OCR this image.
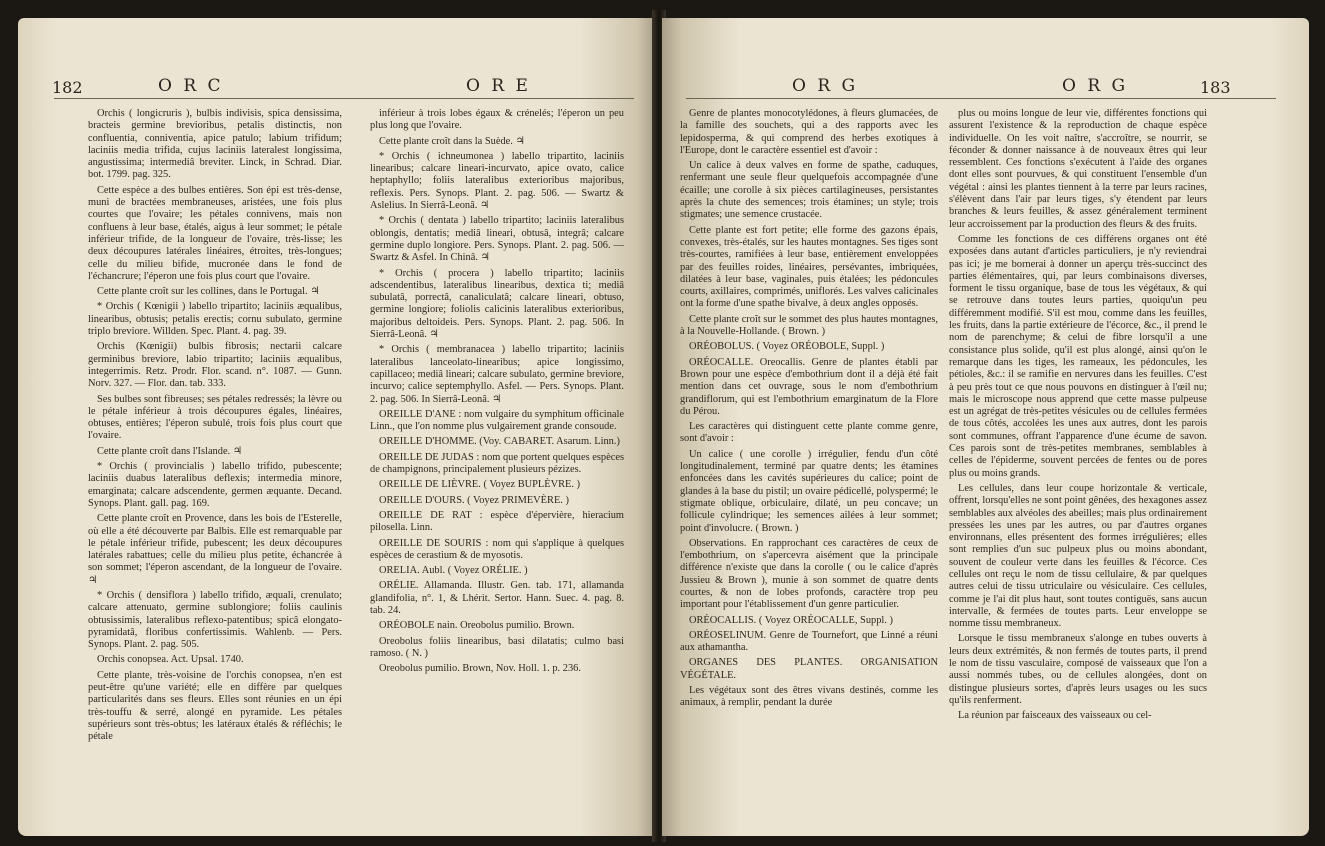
182	O R C	O R E

Orchis ( longicruris ), bulbis indivisis, spica densissima, bracteis germine brevioribus, petalis distinctis, non confluentia, conniventia, apice patulo; labium trifidum; laciniis media trifida, cujus laciniis lateralest longissima, angustissima; intermediâ breviter. Linck, in Schrad. Diar. bot. 1799. pag. 325.

Cette espèce a des bulbes entières. Son épi est très-dense, muni de bractées membraneuses, aristées, une fois plus courtes que l'ovaire; les pétales connivens, mais non confluens à leur base, étalés, aigus à leur sommet; le pétale inférieur trifide, de la longueur de l'ovaire, très-lisse; les deux découpures latérales linéaires, étroites, très-longues; celle du milieu bifide, mucronée dans le fond de l'échancrure; l'éperon une fois plus court que l'ovaire.

Cette plante croît sur les collines, dans le Portugal. ♃

* Orchis ( Kœnigii ) labello tripartito; laciniis æqualibus, linearibus, obtusis; petalis erectis; cornu subulato, germine triplo breviore. Willden. Spec. Plant. 4. pag. 39.

Orchis (Kœnigii) bulbis fibrosis; nectarii calcare germinibus breviore, labio tripartito; laciniis æqualibus, integerrimis. Retz. Prodr. Flor. scand. n°. 1087. — Gunn. Norv. 327. — Flor. dan. tab. 333.

Ses bulbes sont fibreuses; ses pétales redressés; la lèvre ou le pétale inférieur à trois découpures égales, linéaires, obtuses, entières; l'éperon subulé, trois fois plus court que l'ovaire.

Cette plante croît dans l'Islande. ♃

* Orchis ( provincialis ) labello trifido, pubescente; laciniis duabus lateralibus deflexis; intermedia minore, emarginata; calcare adscendente, germen æquante. Decand. Synops. Plant. gall. pag. 169.

Cette plante croît en Provence, dans les bois de l'Esterelle, où elle a été découverte par Balbis. Elle est remarquable par le pétale inférieur trifide, pubescent; les deux découpures latérales rabattues; celle du milieu plus petite, échancrée à son sommet; l'éperon ascendant, de la longueur de l'ovaire. ♃

* Orchis ( densiflora ) labello trifido, æquali, crenulato; calcare attenuato, germine sublongiore; foliis caulinis obtusissimis, lateralibus reflexo-patentibus; spicâ elongato-pyramidatâ, floribus confertissimis. Wahlenb. — Pers. Synops. Plant. 2. pag. 505.

Orchis conopsea. Act. Upsal. 1740.

Cette plante, très-voisine de l'orchis conopsea, n'en est peut-être qu'une variété; elle en diffère par quelques particularités dans ses fleurs. Elles sont réunies en un épi très-touffu & serré, alongé en pyramide. Les pétales supérieurs sont très-obtus; les latéraux étalés & réfléchis; le pétale

inférieur à trois lobes égaux & crénelés; l'éperon un peu plus long que l'ovaire.

Cette plante croît dans la Suède. ♃

* Orchis ( ichneumonea ) labello tripartito, laciniis linearibus; calcare lineari-incurvato, apice ovato, calice heptaphyllo; foliis lateralibus exterioribus majoribus, reflexis. Pers. Synops. Plant. 2. pag. 506. — Swartz & Aslelius. In Sierrâ-Leonâ. ♃

* Orchis ( dentata ) labello tripartito; laciniis lateralibus oblongis, dentatis; mediâ lineari, obtusâ, integrâ; calcare germine duplo longiore. Pers. Synops. Plant. 2. pag. 506. — Swartz & Asfel. In Chinâ. ♃

* Orchis ( procera ) labello tripartito; laciniis adscendentibus, lateralibus linearibus, dextica ti; mediâ subulatâ, porrectâ, canaliculatâ; calcare lineari, obtuso, germine longiore; foliolis calicinis lateralibus exterioribus, majoribus deltoideis. Pers. Synops. Plant. 2. pag. 506. In Sierrâ-Leonâ. ♃

* Orchis ( membranacea ) labello tripartito; laciniis lateralibus lanceolato-linearibus; apice longissimo, capillaceo; mediâ lineari; calcare subulato, germine breviore, incurvo; calice septemphyllo. Asfel. — Pers. Synops. Plant. 2. pag. 506. In Sierrâ-Leonâ. ♃

OREILLE D'ANE : nom vulgaire du symphitum officinale Linn., que l'on nomme plus vulgairement grande consoude.

OREILLE D'HOMME. (Voy. CABARET. Asarum. Linn.)

OREILLE DE JUDAS : nom que portent quelques espèces de champignons, principalement plusieurs pézizes.

OREILLE DE LIÈVRE. ( Voyez BUPLÈVRE. )

OREILLE D'OURS. ( Voyez PRIMEVÈRE. )

OREILLE DE RAT : espèce d'épervière, hieracium pilosella. Linn.

OREILLE DE SOURIS : nom qui s'applique à quelques espèces de cerastium & de myosotis.

ORELIA. Aubl. ( Voyez ORÉLIE. )

ORÉLIE. Allamanda. Illustr. Gen. tab. 171, allamanda glandifolia, n°. 1, & Lhérit. Sertor. Hann. Suec. 4. pag. 8. tab. 24.

ORÉOBOLE nain. Oreobolus pumilio. Brown.

Oreobolus foliis linearibus, basi dilatatis; culmo basi ramoso. ( N. )

Oreobolus pumilio. Brown, Nov. Holl. 1. p. 236.

O R G	O R G	183

Genre de plantes monocotylédones, à fleurs glumacées, de la famille des souchets, qui a des rapports avec les lepidosperma, & qui comprend des herbes exotiques à l'Europe, dont le caractère essentiel est d'avoir :

Un calice à deux valves en forme de spathe, caduques, renfermant une seule fleur quelquefois accompagnée d'une écaille; une corolle à six pièces cartilagineuses, persistantes après la chute des semences; trois étamines; un style; trois stigmates; une semence crustacée.

Cette plante est fort petite; elle forme des gazons épais, convexes, très-étalés, sur les hautes montagnes. Ses tiges sont très-courtes, ramifiées à leur base, entièrement enveloppées par des feuilles roides, linéaires, persévantes, imbriquées, dilatées à leur base, vaginales, puis étalées; les pédoncules courts, axillaires, comprimés, uniflorés. Les valves calicinales ont la forme d'une spathe bivalve, à deux angles opposés.

Cette plante croît sur le sommet des plus hautes montagnes, à la Nouvelle-Hollande. ( Brown. )

ORÉOBOLUS. ( Voyez ORÉOBOLE, Suppl. )

ORÉOCALLE. Oreocallis. Genre de plantes établi par Brown pour une espèce d'embothrium dont il a déjà été fait mention dans cet ouvrage, sous le nom d'embothrium grandiflorum, qui est l'embothrium emarginatum de la Flore du Pérou.

Les caractères qui distinguent cette plante comme genre, sont d'avoir :

Un calice ( une corolle ) irrégulier, fendu d'un côté longitudinalement, terminé par quatre dents; les étamines enfoncées dans les cavités supérieures du calice; point de glandes à la base du pistil; un ovaire pédicellé, polyspermé; le stigmate oblique, orbiculaire, dilaté, un peu concave; un follicule cylindrique; les semences ailées à leur sommet; point d'involucre. ( Brown. )

Observations. En rapprochant ces caractères de ceux de l'embothrium, on s'apercevra aisément que la principale différence n'existe que dans la corolle ( ou le calice d'après Jussieu & Brown ), munie à son sommet de quatre dents courtes, & non de lobes profonds, caractère trop peu important pour l'établissement d'un genre particulier.

ORÉOCALLIS. ( Voyez ORÉOCALLE, Suppl. )

ORÉOSELINUM. Genre de Tournefort, que Linné a réuni aux athamantha.

ORGANES DES PLANTES. ORGANISATION VÉGÉTALE.

Les végétaux sont des êtres vivans destinés, comme les animaux, à remplir, pendant la durée

plus ou moins longue de leur vie, différentes fonctions qui assurent l'existence & la reproduction de chaque espèce individuelle. On les voit naître, s'accroître, se nourrir, se féconder & donner naissance à de nouveaux êtres qui leur ressemblent. Ces fonctions s'exécutent à l'aide des organes dont elles sont pourvues, & qui constituent l'ensemble d'un végétal : ainsi les plantes tiennent à la terre par leurs racines, s'élèvent dans l'air par leurs tiges, s'y étendent par leurs branches & leurs feuilles, & assez généralement terminent leur accroissement par la production des fleurs & des fruits.

Comme les fonctions de ces différens organes ont été exposées dans autant d'articles particuliers, je n'y reviendrai pas ici; je me bornerai à donner un aperçu très-succinct des parties élémentaires, qui, par leurs combinaisons diverses, forment le tissu organique, base de tous les végétaux, & qui se retrouve dans toutes leurs parties, quoiqu'un peu différemment modifié. S'il est mou, comme dans les feuilles, les fruits, dans la partie extérieure de l'écorce, &c., il prend le nom de parenchyme; & celui de fibre lorsqu'il a une consistance plus solide, qu'il est plus alongé, ainsi qu'on le remarque dans les tiges, les rameaux, les pédoncules, les pétioles, &c.: il se ramifie en nervures dans les feuilles. C'est à peu près tout ce que nous pouvons en distinguer à l'œil nu; mais le microscope nous apprend que cette masse pulpeuse est un agrégat de très-petites vésicules ou de cellules fermées de tous côtés, accolées les unes aux autres, dont les parois sont communes, offrant l'apparence d'une écume de savon. Ces parois sont de très-petites membranes, semblables à celles de l'épiderme, souvent percées de fentes ou de pores plus ou moins grands.

Les cellules, dans leur coupe horizontale & verticale, offrent, lorsqu'elles ne sont point gênées, des hexagones assez semblables aux alvéoles des abeilles; mais plus ordinairement pressées les unes par les autres, ou par d'autres organes environnans, elles présentent des formes irrégulières; elles sont remplies d'un suc pulpeux plus ou moins abondant, souvent de couleur verte dans les feuilles & l'écorce. Ces cellules ont reçu le nom de tissu cellulaire, & par quelques autres celui de tissu utriculaire ou vésiculaire. Ces cellules, comme je l'ai dit plus haut, sont toutes contiguës, sans aucun intervalle, & fermées de toutes parts. Leur enveloppe se nomme tissu membraneux.

Lorsque le tissu membraneux s'alonge en tubes ouverts à leurs deux extrémités, & non fermés de toutes parts, il prend le nom de tissu vasculaire, composé de vaisseaux que l'on a aussi nommés tubes, ou de cellules alongées, dont on distingue plusieurs sortes, d'après leurs usages ou les sucs qu'ils renferment.

La réunion par faisceaux des vaisseaux ou cel-
